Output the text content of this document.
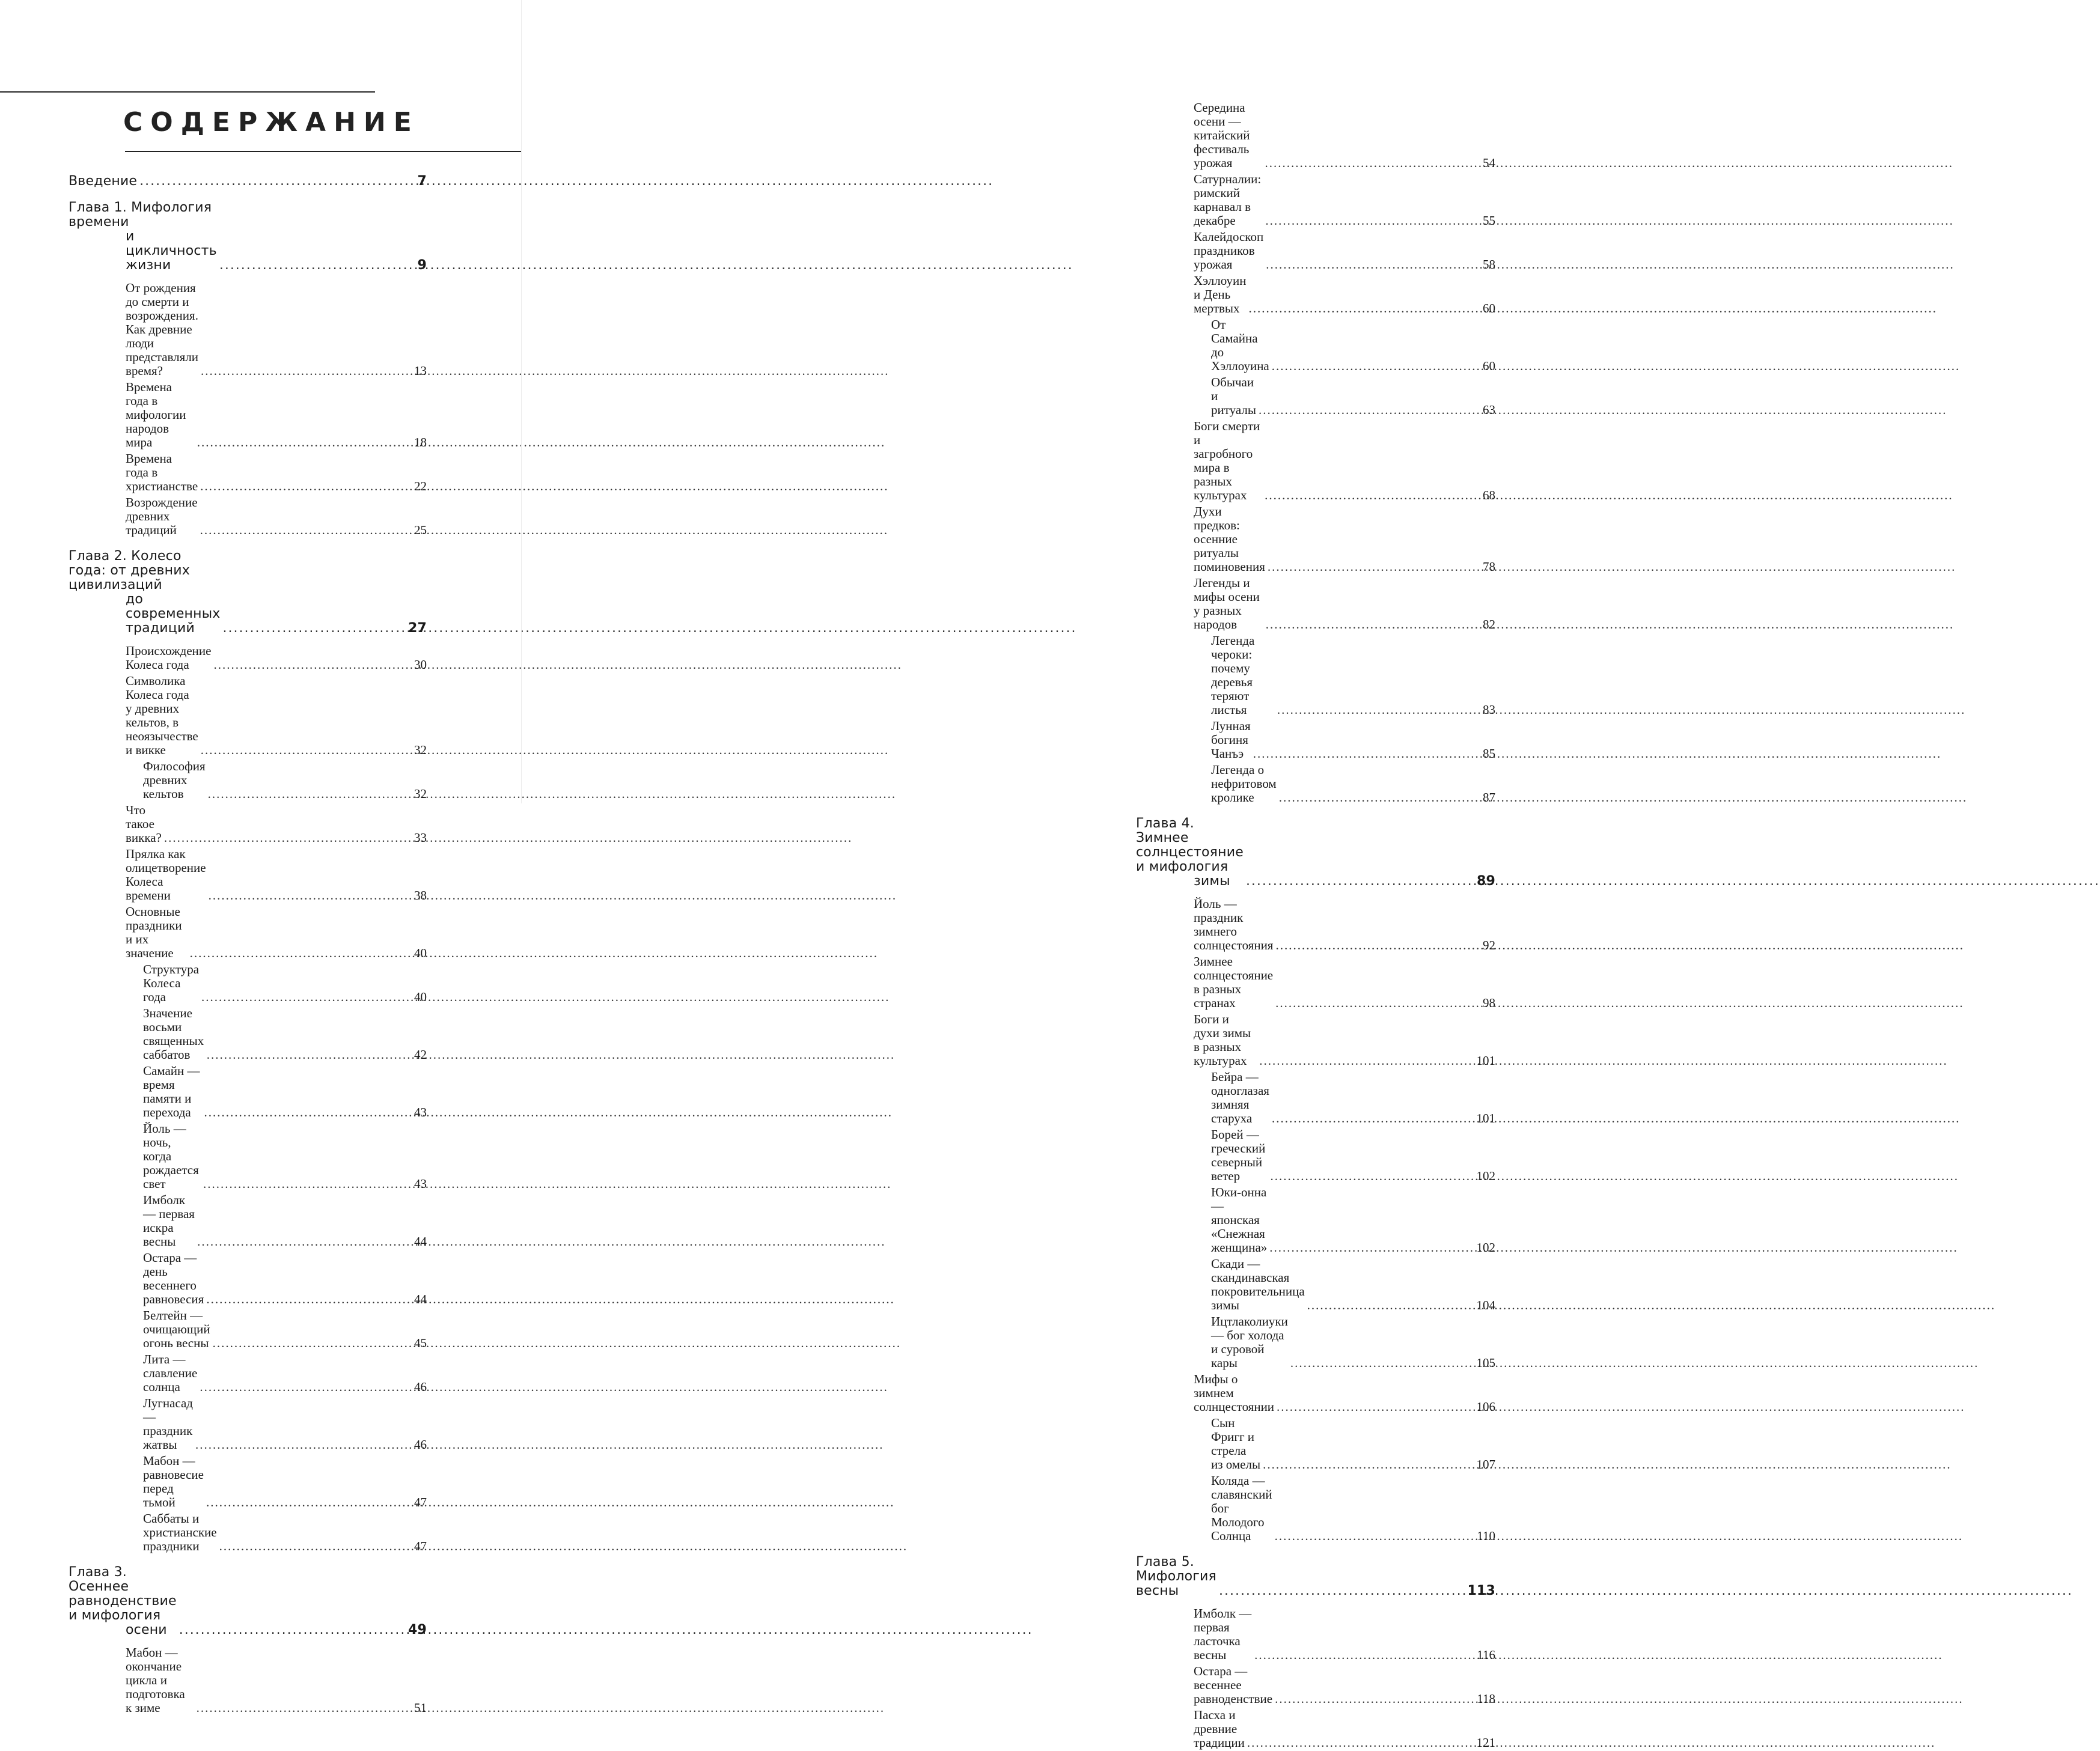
СОДЕРЖАНИЕ
Введение .....	7
Глава 1. Мифология времени
и цикличность жизни .....	9
От рождения до смерти и возрождения.
Как древние люди представляли время? .....	13
Времена года в мифологии народов мира .....	18
Времена года в христианстве .....	22
Возрождение древних традиций .....	25
Глава 2. Колесо года: от древних цивилизаций
до современных традиций .....	27
Происхождение Колеса года .....	30
Символика Колеса года у древних
кельтов, в неоязычестве и викке .....	32
Философия древних кельтов .....	32
Что такое викка? .....	33
Прялка как олицетворение Колеса времени .....	38
Основные праздники и их значение .....	40
Структура Колеса года .....	40
Значение восьми священных саббатов .....	42
Самайн — время памяти и перехода .....	43
Йоль — ночь, когда рождается свет .....	43
Имболк — первая искра весны .....	44
Остара — день весеннего равновесия .....	44
Белтейн — очищающий огонь весны .....	45
Лита — славление солнца .....	46
Лугнасад — праздник жатвы .....	46
Мабон — равновесие перед тьмой .....	47
Саббаты и христианские праздники .....	47
Глава 3. Осеннее равноденствие и мифология
осени .....	49
Мабон — окончание цикла и подготовка
к зиме .....	51
Середина осени — китайский фестиваль
урожая .....	54
Сатурналии: римский карнавал в декабре .....	55
Калейдоскоп праздников урожая .....	58
Хэллоуин и День мертвых .....	60
От Самайна до Хэллоуина .....	60
Обычаи и ритуалы .....	63
Боги смерти и загробного мира в разных
культурах .....	68
Духи предков: осенние ритуалы
поминовения .....	78
Легенды и мифы осени у разных народов .....	82
Легенда чероки: почему деревья теряют
листья .....	83
Лунная богиня Чанъэ .....	85
Легенда о нефритовом кролике .....	87
Глава 4. Зимнее солнцестояние и мифология
зимы .....	89
Йоль — праздник зимнего солнцестояния .....	92
Зимнее солнцестояние в разных странах .....	98
Боги и духи зимы в разных культурах .....	101
Бейра — одноглазая зимняя старуха .....	101
Борей — греческий северный ветер .....	102
Юки-онна — японская «Снежная
женщина» .....	102
Скади — скандинавская покровительница
зимы .....	104
Ицтлаколиуки — бог холода и суровой
кары .....	105
Мифы о зимнем солнцестоянии .....	106
Сын Фригг и стрела из омелы .....	107
Коляда — славянский бог Молодого
Солнца .....	110
Глава 5. Мифология весны .....	113
Имболк — первая ласточка весны .....	116
Остара — весеннее равноденствие .....	118
Пасха и древние традиции .....	121
